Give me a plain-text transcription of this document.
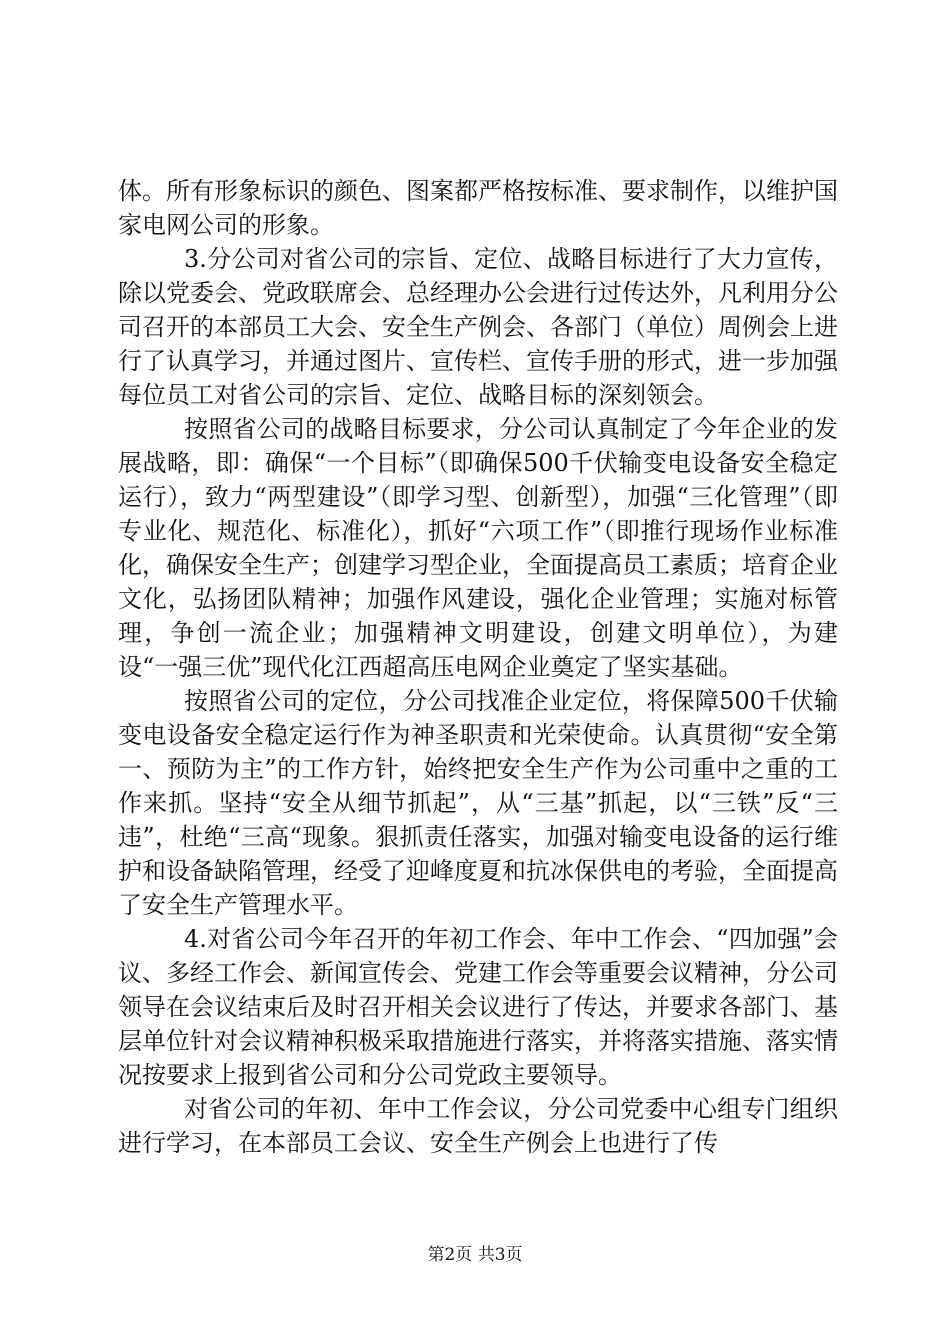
体。所有形象标识的颜色、图案都严格按标准、要求制作，以维护国家电网公司的形象。

3.分公司对省公司的宗旨、定位、战略目标进行了大力宣传，除以党委会、党政联席会、总经理办公会进行过传达外，凡利用分公司召开的本部员工大会、安全生产例会、各部门（单位）周例会上进行了认真学习，并通过图片、宣传栏、宣传手册的形式，进一步加强每位员工对省公司的宗旨、定位、战略目标的深刻领会。

按照省公司的战略目标要求，分公司认真制定了今年企业的发展战略，即：确保“一个目标”（即确保500千伏输变电设备安全稳定运行），致力“两型建设”（即学习型、创新型），加强“三化管理”（即专业化、规范化、标准化），抓好“六项工作”（即推行现场作业标准化，确保安全生产；创建学习型企业，全面提高员工素质；培育企业文化，弘扬团队精神；加强作风建设，强化企业管理；实施对标管理，争创一流企业；加强精神文明建设，创建文明单位），为建设“一强三优”现代化江西超高压电网企业奠定了坚实基础。

按照省公司的定位，分公司找准企业定位，将保障500千伏输变电设备安全稳定运行作为神圣职责和光荣使命。认真贯彻“安全第一、预防为主”的工作方针，始终把安全生产作为公司重中之重的工作来抓。坚持“安全从细节抓起”，从“三基”抓起，以“三铁”反“三违”，杜绝“三高“现象。狠抓责任落实，加强对输变电设备的运行维护和设备缺陷管理，经受了迎峰度夏和抗冰保供电的考验，全面提高了安全生产管理水平。

4.对省公司今年召开的年初工作会、年中工作会、“四加强”会议、多经工作会、新闻宣传会、党建工作会等重要会议精神，分公司领导在会议结束后及时召开相关会议进行了传达，并要求各部门、基层单位针对会议精神积极采取措施进行落实，并将落实措施、落实情况按要求上报到省公司和分公司党政主要领导。

对省公司的年初、年中工作会议，分公司党委中心组专门组织进行学习，在本部员工会议、安全生产例会上也进行了传

第2页 共3页
